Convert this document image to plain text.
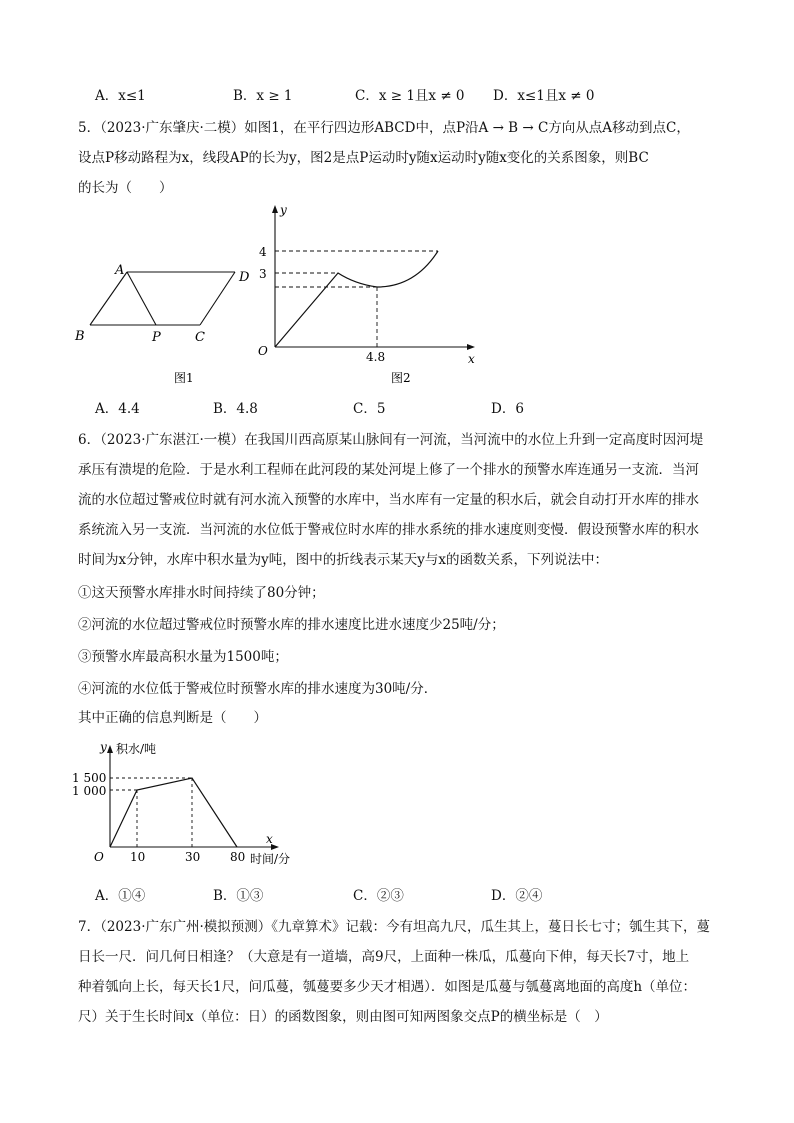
A．x≤1	B．x ≥ 1	C．x ≥ 1且x ≠ 0 D．x≤1且x ≠ 0
5．（2023·广东肇庆·二模）如图1，在平行四边形ABCD中，点P沿A → B → C方向从点A移动到点C，
设点P移动路程为x，线段AP的长为y，图2是点P运动时y随x运动时y随x变化的关系图象，则BC
的长为（　　）
A	D
B	P	C
图1
y
x
O
4
3
4.8
图2
A．4.4	B．4.8	C．5	D．6
6．（2023·广东湛江·一模）在我国川西高原某山脉间有一河流，当河流中的水位上升到一定高度时因河堤
承压有溃堤的危险．于是水利工程师在此河段的某处河堤上修了一个排水的预警水库连通另一支流．当河
流的水位超过警戒位时就有河水流入预警的水库中，当水库有一定量的积水后，就会自动打开水库的排水
系统流入另一支流．当河流的水位低于警戒位时水库的排水系统的排水速度则变慢．假设预警水库的积水
时间为x分钟，水库中积水量为y吨，图中的折线表示某天y与x的函数关系，下列说法中：
①这天预警水库排水时间持续了80分钟；
②河流的水位超过警戒位时预警水库的排水速度比进水速度少25吨/分；
③预警水库最高积水量为1500吨；
④河流的水位低于警戒位时预警水库的排水速度为30吨/分．
其中正确的信息判断是（　　）
y 积水/吨
1 500
1 000
O 10	30 80
x
时间/分
A．①④	B．①③	C．②③	D．②④
7．（2023·广东广州·模拟预测）《九章算术》记载：今有坦高九尺，瓜生其上，蔓日长七寸；瓠生其下，蔓
日长一尺．问几何日相逢？（大意是有一道墙，高9尺，上面种一株瓜，瓜蔓向下伸，每天长7寸，地上
种着瓠向上长，每天长1尺，问瓜蔓，瓠蔓要多少天才相遇）．如图是瓜蔓与瓠蔓离地面的高度h（单位：
尺）关于生长时间x（单位：日）的函数图象，则由图可知两图象交点P的横坐标是（　）
